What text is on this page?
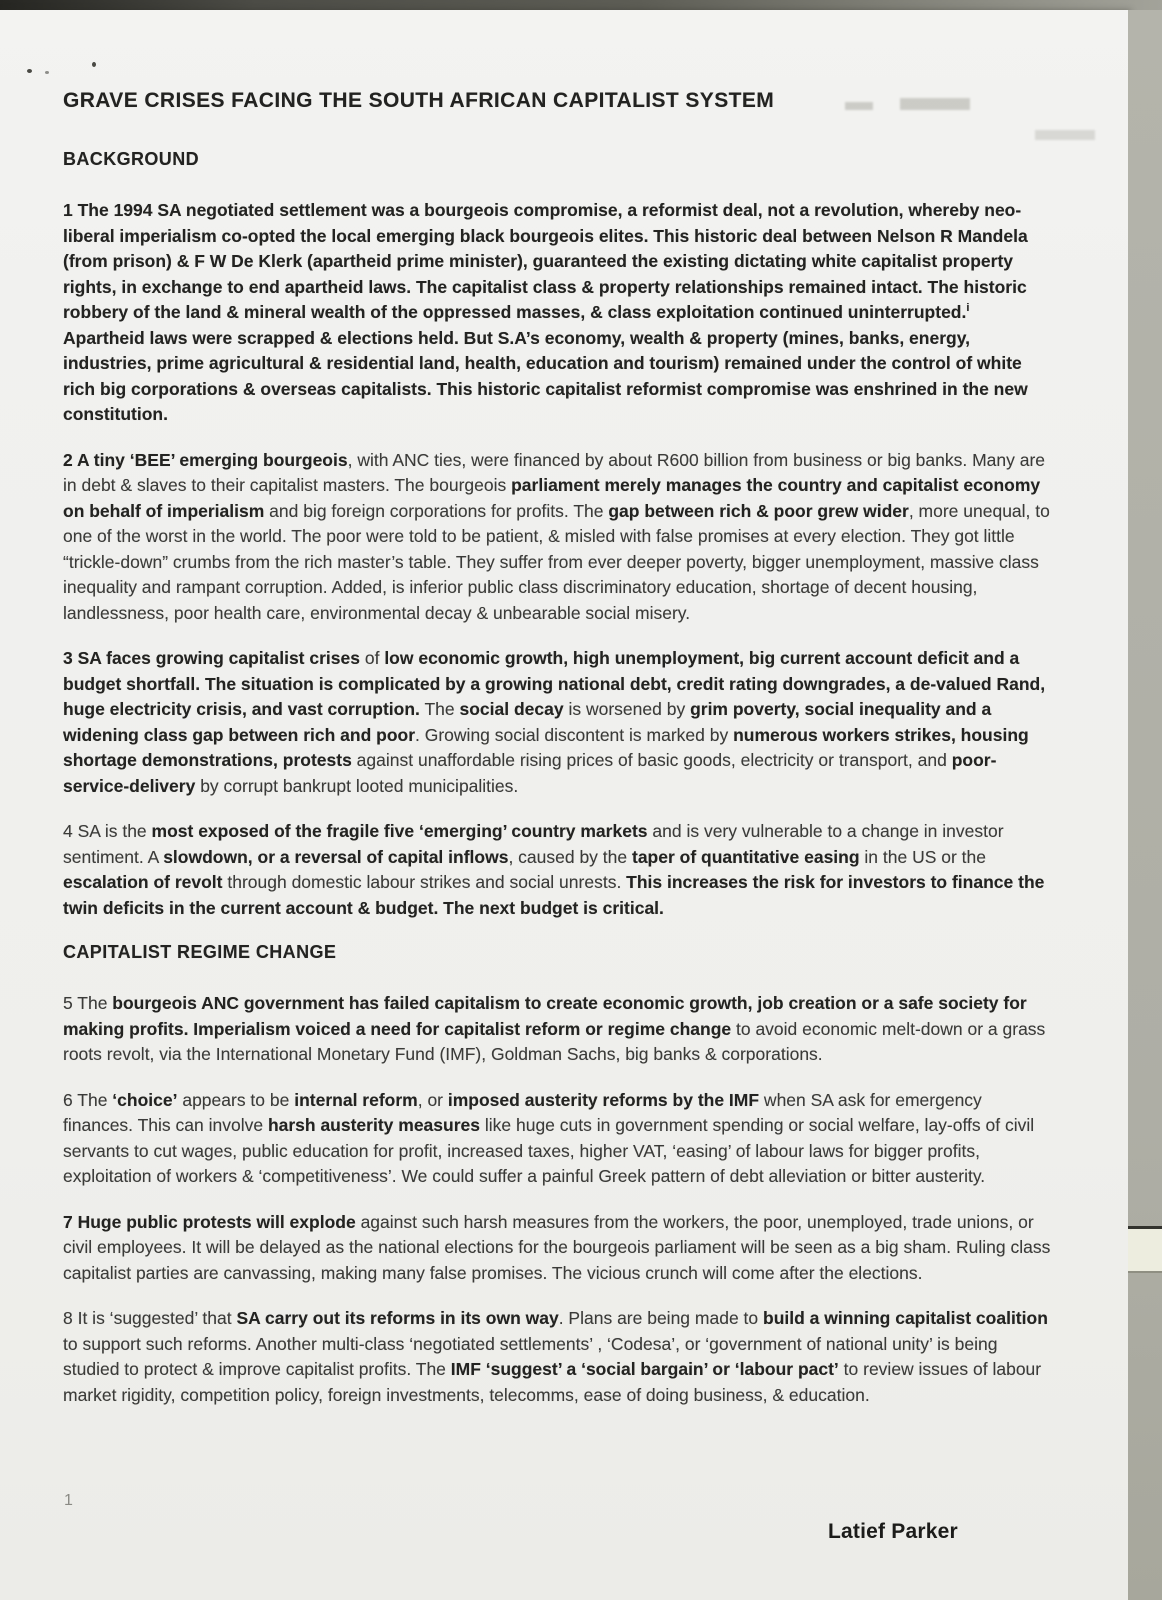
GRAVE CRISES FACING THE SOUTH AFRICAN CAPITALIST SYSTEM
BACKGROUND
1 The 1994 SA negotiated settlement was a bourgeois compromise, a reformist deal, not a revolution, whereby neo-liberal imperialism co-opted the local emerging black bourgeois elites. This historic deal between Nelson R Mandela (from prison) & F W De Klerk (apartheid prime minister), guaranteed the existing dictating white capitalist property rights, in exchange to end apartheid laws. The capitalist class & property relationships remained intact. The historic robbery of the land & mineral wealth of the oppressed masses, & class exploitation continued uninterrupted.$^i$ Apartheid laws were scrapped & elections held. But S.A’s economy, wealth & property (mines, banks, energy, industries, prime agricultural & residential land, health, education and tourism) remained under the control of white rich big corporations & overseas capitalists. This historic capitalist reformist compromise was enshrined in the new constitution.
2 A tiny ‘BEE’ emerging bourgeois, with ANC ties, were financed by about R600 billion from business or big banks. Many are in debt & slaves to their capitalist masters. The bourgeois parliament merely manages the country and capitalist economy on behalf of imperialism and big foreign corporations for profits. The gap between rich & poor grew wider, more unequal, to one of the worst in the world. The poor were told to be patient, & misled with false promises at every election. They got little “trickle-down” crumbs from the rich master’s table. They suffer from ever deeper poverty, bigger unemployment, massive class inequality and rampant corruption. Added, is inferior public class discriminatory education, shortage of decent housing, landlessness, poor health care, environmental decay & unbearable social misery.
3 SA faces growing capitalist crises of low economic growth, high unemployment, big current account deficit and a budget shortfall. The situation is complicated by a growing national debt, credit rating downgrades, a de-valued Rand, huge electricity crisis, and vast corruption. The social decay is worsened by grim poverty, social inequality and a widening class gap between rich and poor. Growing social discontent is marked by numerous workers strikes, housing shortage demonstrations, protests against unaffordable rising prices of basic goods, electricity or transport, and poor-service-delivery by corrupt bankrupt looted municipalities.
4 SA is the most exposed of the fragile five ‘emerging’ country markets and is very vulnerable to a change in investor sentiment. A slowdown, or a reversal of capital inflows, caused by the taper of quantitative easing in the US or the escalation of revolt through domestic labour strikes and social unrests. This increases the risk for investors to finance the twin deficits in the current account & budget. The next budget is critical.
CAPITALIST REGIME CHANGE
5 The bourgeois ANC government has failed capitalism to create economic growth, job creation or a safe society for making profits. Imperialism voiced a need for capitalist reform or regime change to avoid economic melt-down or a grass roots revolt, via the International Monetary Fund (IMF), Goldman Sachs, big banks & corporations.
6 The ‘choice’ appears to be internal reform, or imposed austerity reforms by the IMF when SA ask for emergency finances. This can involve harsh austerity measures like huge cuts in government spending or social welfare, lay-offs of civil servants to cut wages, public education for profit, increased taxes, higher VAT, ‘easing’ of labour laws for bigger profits, exploitation of workers & ‘competitiveness’. We could suffer a painful Greek pattern of debt alleviation or bitter austerity.
7 Huge public protests will explode against such harsh measures from the workers, the poor, unemployed, trade unions, or civil employees. It will be delayed as the national elections for the bourgeois parliament will be seen as a big sham. Ruling class capitalist parties are canvassing, making many false promises. The vicious crunch will come after the elections.
8 It is ‘suggested’ that SA carry out its reforms in its own way. Plans are being made to build a winning capitalist coalition to support such reforms. Another multi-class ‘negotiated settlements’ , ‘Codesa’, or ‘government of national unity’ is being studied to protect & improve capitalist profits. The IMF ‘suggest’ a ‘social bargain’ or ‘labour pact’ to review issues of labour market rigidity, competition policy, foreign investments, telecomms, ease of doing business, & education.
1
Latief Parker
